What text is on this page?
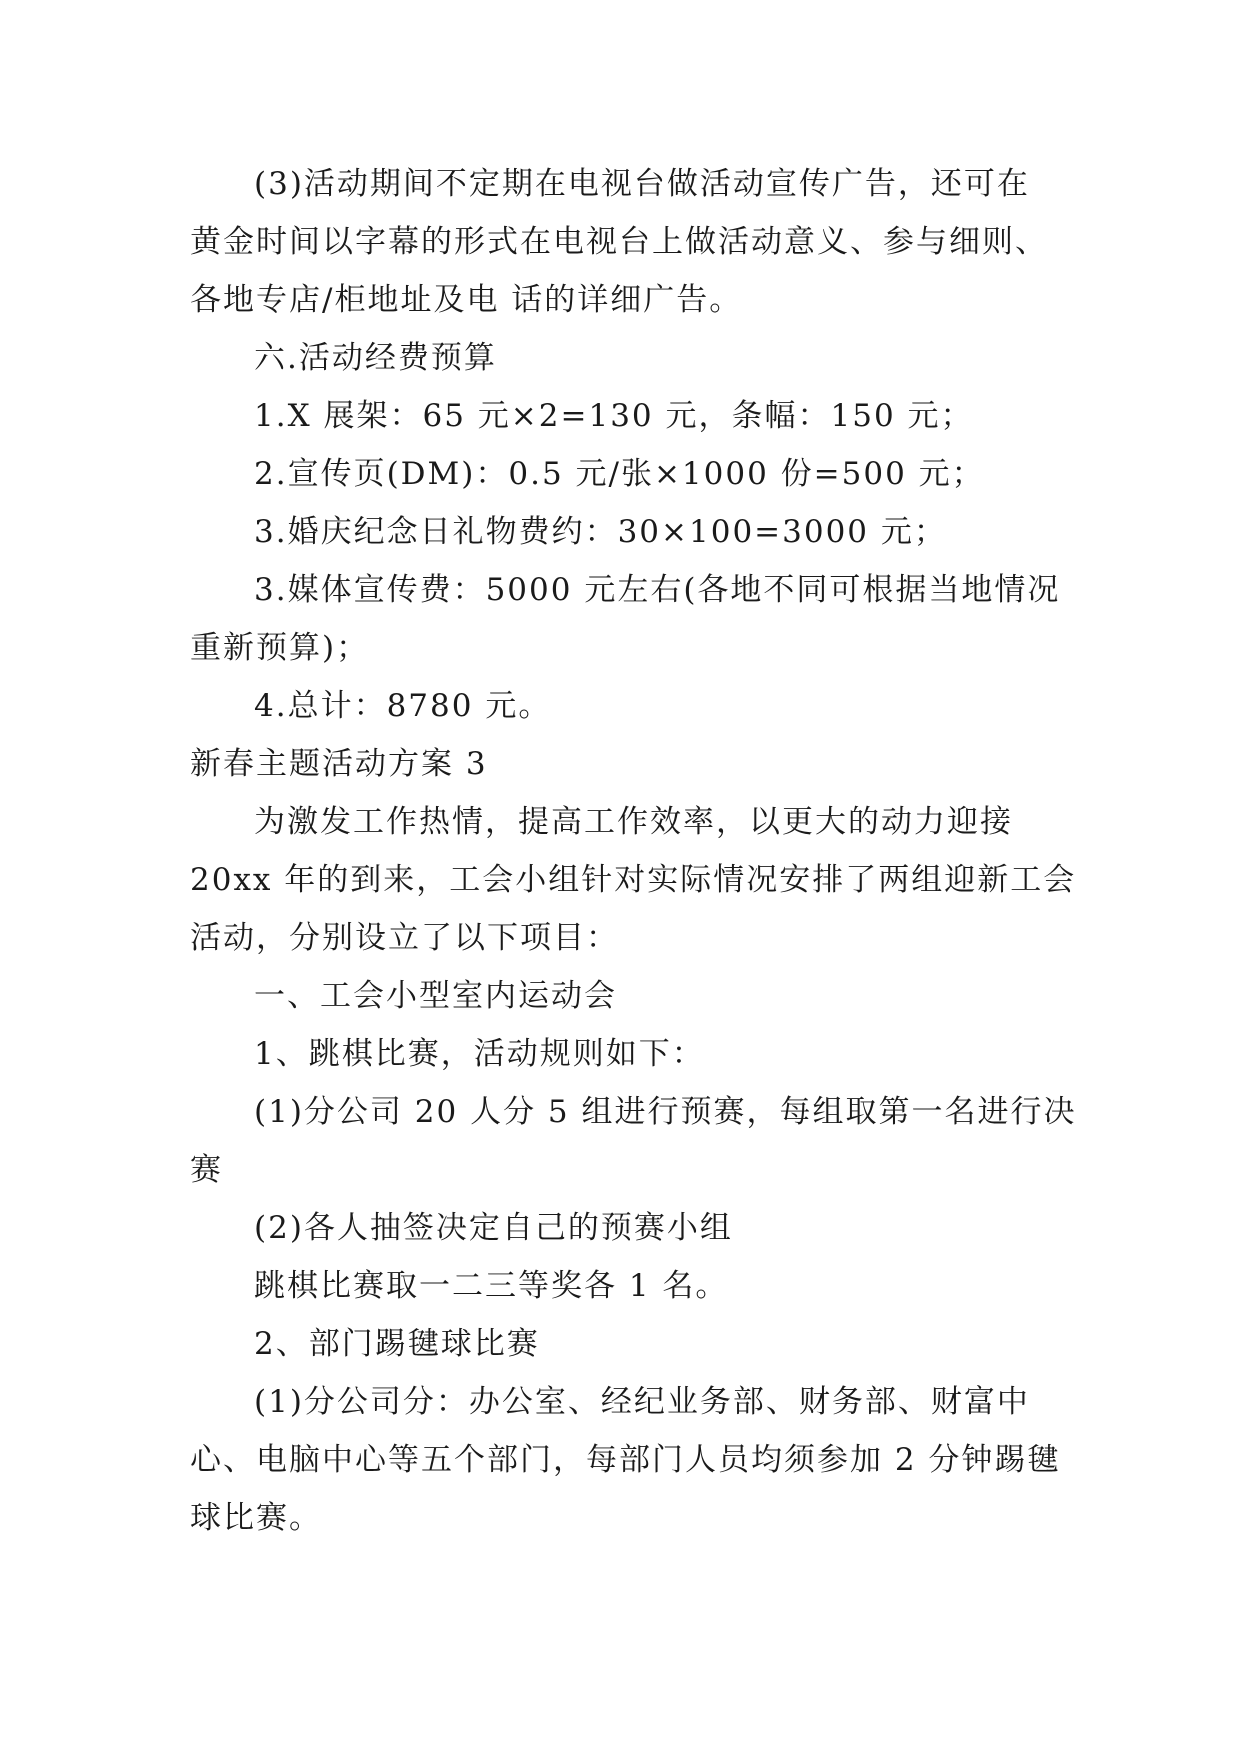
(3)活动期间不定期在电视台做活动宣传广告，还可在

黄金时间以字幕的形式在电视台上做活动意义、参与细则、

各地专店/柜地址及电 话的详细广告。

六.活动经费预算

1.X 展架：65 元×2=130 元，条幅：150 元；

2.宣传页(DM)：0.5 元/张×1000 份=500 元；

3.婚庆纪念日礼物费约：30×100=3000 元；

3.媒体宣传费：5000 元左右(各地不同可根据当地情况

重新预算)；

4.总计：8780 元。

新春主题活动方案 3

为激发工作热情，提高工作效率，以更大的动力迎接

20xx 年的到来，工会小组针对实际情况安排了两组迎新工会

活动，分别设立了以下项目：

一、工会小型室内运动会

1、跳棋比赛，活动规则如下：

(1)分公司 20 人分 5 组进行预赛，每组取第一名进行决

赛

(2)各人抽签决定自己的预赛小组

跳棋比赛取一二三等奖各 1 名。

2、部门踢毽球比赛

(1)分公司分：办公室、经纪业务部、财务部、财富中

心、电脑中心等五个部门，每部门人员均须参加 2 分钟踢毽

球比赛。
